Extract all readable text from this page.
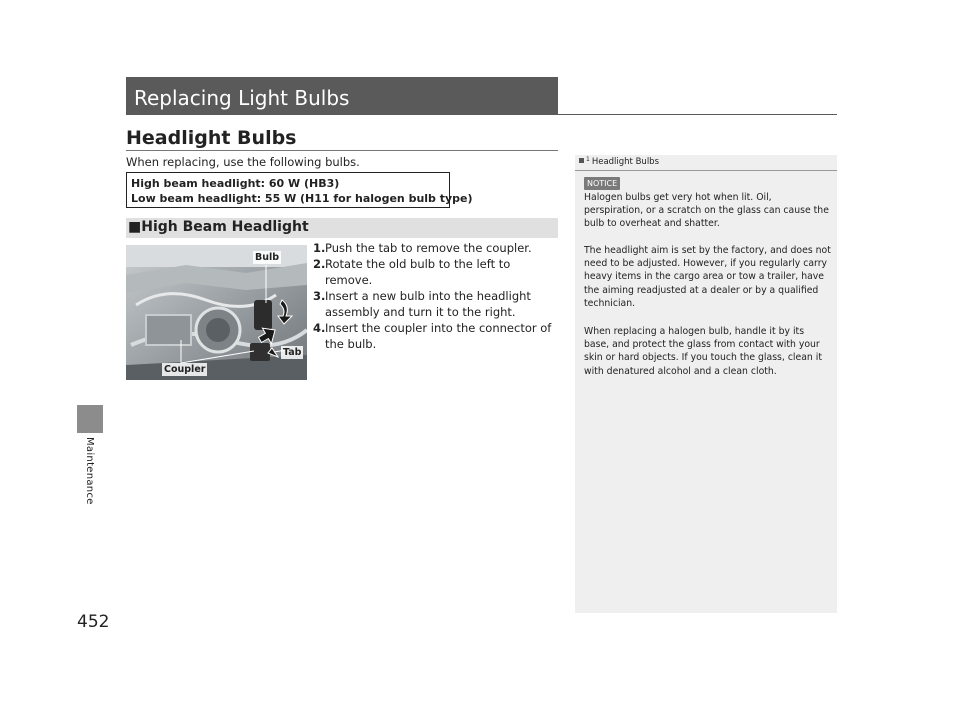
Maintenance
452
Replacing Light Bulbs
Headlight Bulbs
When replacing, use the following bulbs.
High beam headlight: 60 W (HB3)
Low beam headlight: 55 W (H11 for halogen bulb type)
■High Beam Headlight
Bulb
Tab
Coupler
1. Push the tab to remove the coupler.
2. Rotate the old bulb to the left to remove.
3. Insert a new bulb into the headlight assembly and turn it to the right.
4. Insert the coupler into the connector of the bulb.
$^1$ Headlight Bulbs
NOTICE

Halogen bulbs get very hot when lit. Oil, perspiration, or a scratch on the glass can cause the bulb to overheat and shatter.

The headlight aim is set by the factory, and does not need to be adjusted. However, if you regularly carry heavy items in the cargo area or tow a trailer, have the aiming readjusted at a dealer or by a qualified technician.

When replacing a halogen bulb, handle it by its base, and protect the glass from contact with your skin or hard objects. If you touch the glass, clean it with denatured alcohol and a clean cloth.
